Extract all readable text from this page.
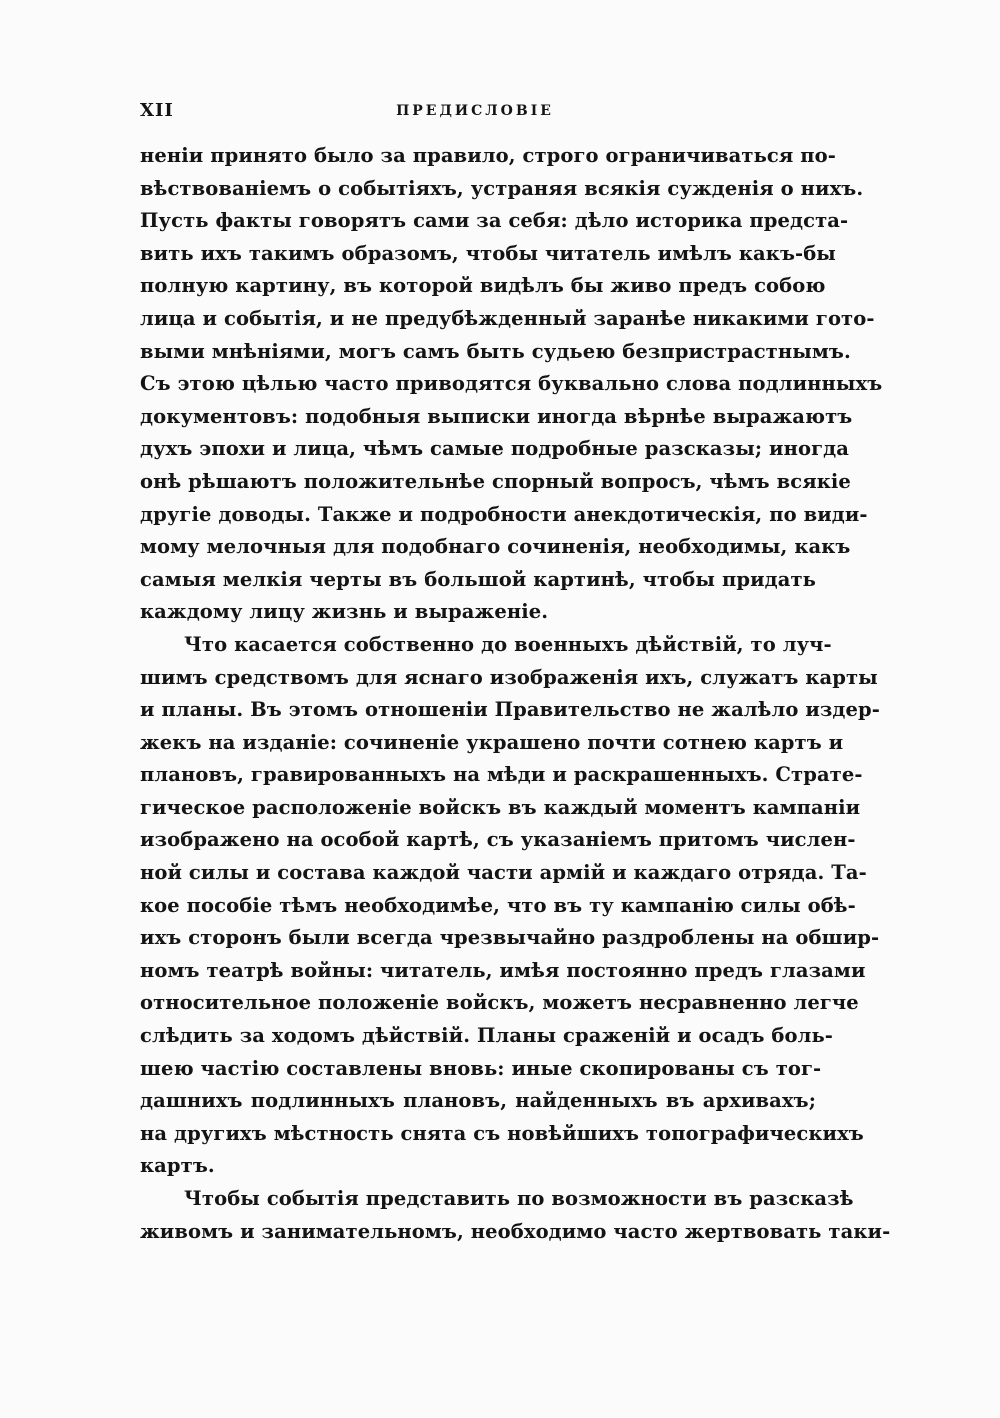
XII	ПРЕДИСЛОВІЕ
неніи принято было за правило, строго ограничиваться по-
вѣствованіемъ о событіяхъ, устраняя всякія сужденія о нихъ.
Пусть факты говорятъ сами за себя: дѣло историка предста-
вить ихъ такимъ образомъ, чтобы читатель имѣлъ какъ-бы
полную картину, въ которой видѣлъ бы живо предъ собою
лица и событія, и не предубѣжденный заранѣе никакими гото-
выми мнѣніями, могъ самъ быть судьею безпристрастнымъ.
Съ этою цѣлью часто приводятся буквально слова подлинныхъ
документовъ: подобныя выписки иногда вѣрнѣе выражаютъ
духъ эпохи и лица, чѣмъ самые подробные разсказы; иногда
онѣ рѣшаютъ положительнѣе спорный вопросъ, чѣмъ всякіе
другіе доводы. Также и подробности анекдотическія, по види-
мому мелочныя для подобнаго сочиненія, необходимы, какъ
самыя мелкія черты въ большой картинѣ, чтобы придать
каждому лицу жизнь и выраженіе.
Что касается собственно до военныхъ дѣйствій, то луч-
шимъ средствомъ для яснаго изображенія ихъ, служатъ карты
и планы. Въ этомъ отношеніи Правительство не жалѣло издер-
жекъ на изданіе: сочиненіе украшено почти сотнею картъ и
плановъ, гравированныхъ на мѣди и раскрашенныхъ. Страте-
гическое расположеніе войскъ въ каждый моментъ кампаніи
изображено на особой картѣ, съ указаніемъ притомъ числен-
ной силы и состава каждой части армій и каждаго отряда. Та-
кое пособіе тѣмъ необходимѣе, что въ ту кампанію силы обѣ-
ихъ сторонъ были всегда чрезвычайно раздроблены на обшир-
номъ театрѣ войны: читатель, имѣя постоянно предъ глазами
относительное положеніе войскъ, можетъ несравненно легче
слѣдить за ходомъ дѣйствій. Планы сраженій и осадъ боль-
шею частію составлены вновь: иные скопированы съ тог-
дашнихъ подлинныхъ плановъ, найденныхъ въ архивахъ;
на другихъ мѣстность снята съ новѣйшихъ топографическихъ
картъ.
Чтобы событія представить по возможности въ разсказѣ
живомъ и занимательномъ, необходимо часто жертвовать таки-
